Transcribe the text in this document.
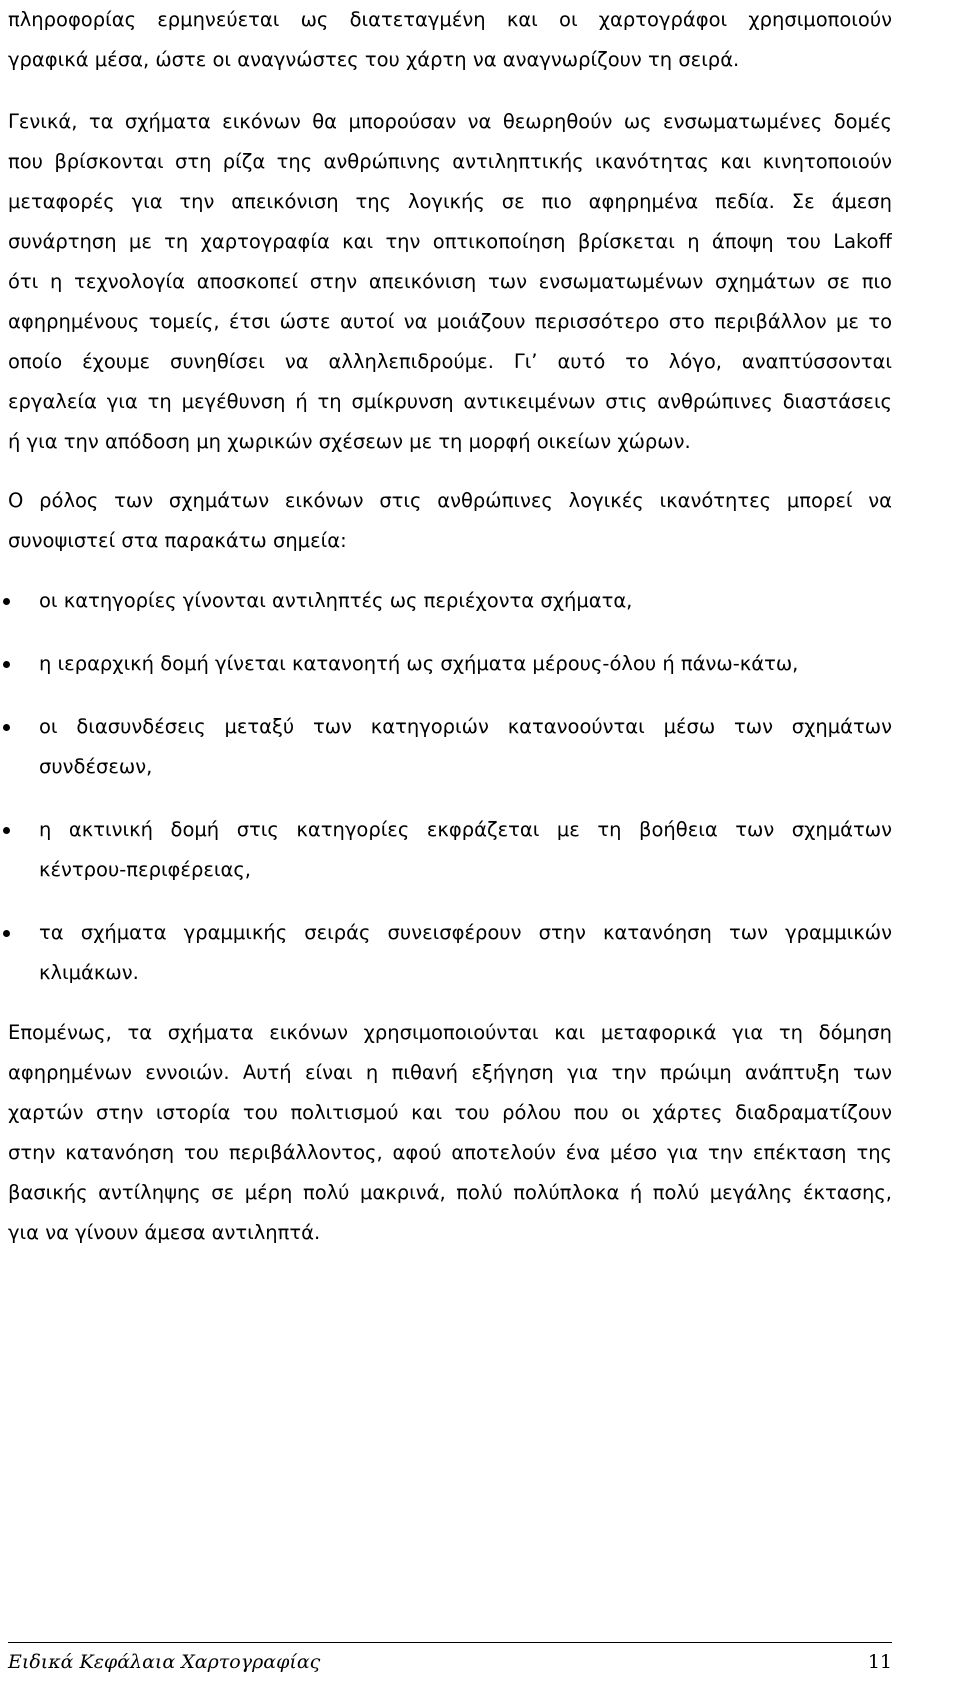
πληροφορίας ερμηνεύεται ως διατεταγμένη και οι χαρτογράφοι χρησιμοποιούν
γραφικά μέσα, ώστε οι αναγνώστες του χάρτη να αναγνωρίζουν τη σειρά.
Γενικά, τα σχήματα εικόνων θα μπορούσαν να θεωρηθούν ως ενσωματωμένες δομές
που βρίσκονται στη ρίζα της ανθρώπινης αντιληπτικής ικανότητας και κινητοποιούν
μεταφορές για την απεικόνιση της λογικής σε πιο αφηρημένα πεδία. Σε άμεση
συνάρτηση με τη χαρτογραφία και την οπτικοποίηση βρίσκεται η άποψη του Lakoff
ότι η τεχνολογία αποσκοπεί στην απεικόνιση των ενσωματωμένων σχημάτων σε πιο
αφηρημένους τομείς, έτσι ώστε αυτοί να μοιάζουν περισσότερο στο περιβάλλον με το
οποίο έχουμε συνηθίσει να αλληλεπιδρούμε. Γι’ αυτό το λόγο, αναπτύσσονται
εργαλεία για τη μεγέθυνση ή τη σμίκρυνση αντικειμένων στις ανθρώπινες διαστάσεις
ή για την απόδοση μη χωρικών σχέσεων με τη μορφή οικείων χώρων.
Ο ρόλος των σχημάτων εικόνων στις ανθρώπινες λογικές ικανότητες μπορεί να
συνοψιστεί στα παρακάτω σημεία:
οι κατηγορίες γίνονται αντιληπτές ως περιέχοντα σχήματα,
η ιεραρχική δομή γίνεται κατανοητή ως σχήματα μέρους-όλου ή πάνω-κάτω,
οι διασυνδέσεις μεταξύ των κατηγοριών κατανοούνται μέσω των σχημάτων
συνδέσεων,
η ακτινική δομή στις κατηγορίες εκφράζεται με τη βοήθεια των σχημάτων
κέντρου-περιφέρειας,
τα σχήματα γραμμικής σειράς συνεισφέρουν στην κατανόηση των γραμμικών
κλιμάκων.
Επομένως, τα σχήματα εικόνων χρησιμοποιούνται και μεταφορικά για τη δόμηση
αφηρημένων εννοιών. Αυτή είναι η πιθανή εξήγηση για την πρώιμη ανάπτυξη των
χαρτών στην ιστορία του πολιτισμού και του ρόλου που οι χάρτες διαδραματίζουν
στην κατανόηση του περιβάλλοντος, αφού αποτελούν ένα μέσο για την επέκταση της
βασικής αντίληψης σε μέρη πολύ μακρινά, πολύ πολύπλοκα ή πολύ μεγάλης έκτασης,
για να γίνουν άμεσα αντιληπτά.
Ειδικά Κεφάλαια Χαρτογραφίας	11
